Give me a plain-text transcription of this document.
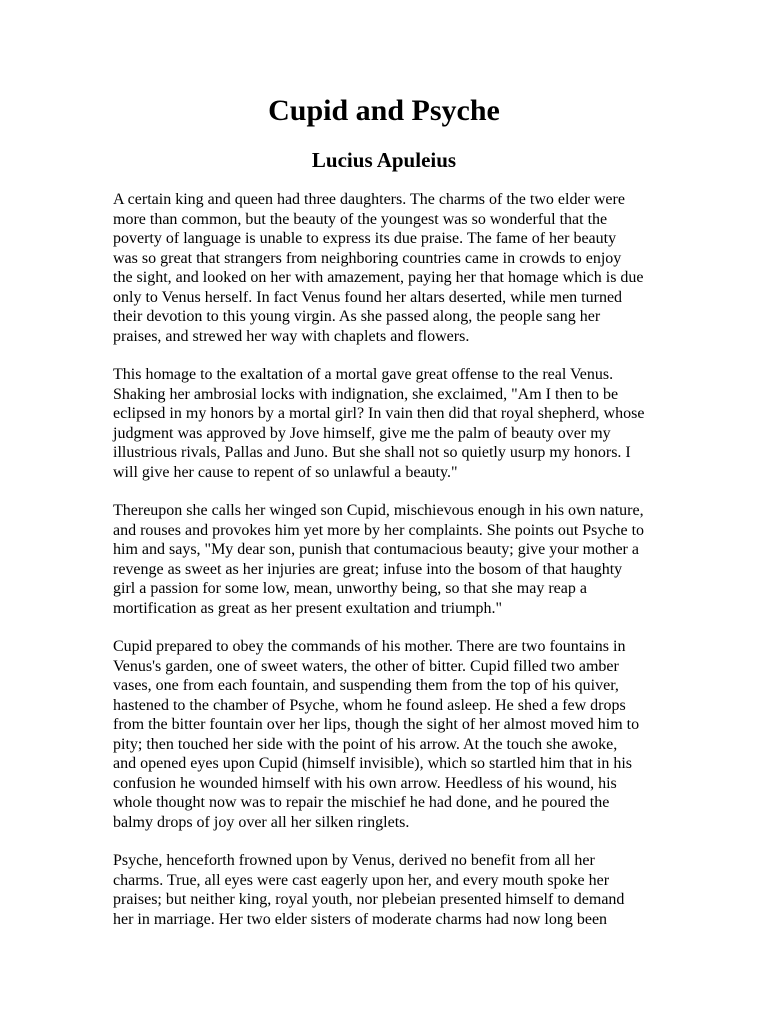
Cupid and Psyche
Lucius Apuleius

A certain king and queen had three daughters. The charms of the two elder were
more than common, but the beauty of the youngest was so wonderful that the
poverty of language is unable to express its due praise. The fame of her beauty
was so great that strangers from neighboring countries came in crowds to enjoy
the sight, and looked on her with amazement, paying her that homage which is due
only to Venus herself. In fact Venus found her altars deserted, while men turned
their devotion to this young virgin. As she passed along, the people sang her
praises, and strewed her way with chaplets and flowers.

This homage to the exaltation of a mortal gave great offense to the real Venus.
Shaking her ambrosial locks with indignation, she exclaimed, "Am I then to be
eclipsed in my honors by a mortal girl? In vain then did that royal shepherd, whose
judgment was approved by Jove himself, give me the palm of beauty over my
illustrious rivals, Pallas and Juno. But she shall not so quietly usurp my honors. I
will give her cause to repent of so unlawful a beauty."

Thereupon she calls her winged son Cupid, mischievous enough in his own nature,
and rouses and provokes him yet more by her complaints. She points out Psyche to
him and says, "My dear son, punish that contumacious beauty; give your mother a
revenge as sweet as her injuries are great; infuse into the bosom of that haughty
girl a passion for some low, mean, unworthy being, so that she may reap a
mortification as great as her present exultation and triumph."

Cupid prepared to obey the commands of his mother. There are two fountains in
Venus's garden, one of sweet waters, the other of bitter. Cupid filled two amber
vases, one from each fountain, and suspending them from the top of his quiver,
hastened to the chamber of Psyche, whom he found asleep. He shed a few drops
from the bitter fountain over her lips, though the sight of her almost moved him to
pity; then touched her side with the point of his arrow. At the touch she awoke,
and opened eyes upon Cupid (himself invisible), which so startled him that in his
confusion he wounded himself with his own arrow. Heedless of his wound, his
whole thought now was to repair the mischief he had done, and he poured the
balmy drops of joy over all her silken ringlets.

Psyche, henceforth frowned upon by Venus, derived no benefit from all her
charms. True, all eyes were cast eagerly upon her, and every mouth spoke her
praises; but neither king, royal youth, nor plebeian presented himself to demand
her in marriage. Her two elder sisters of moderate charms had now long been
